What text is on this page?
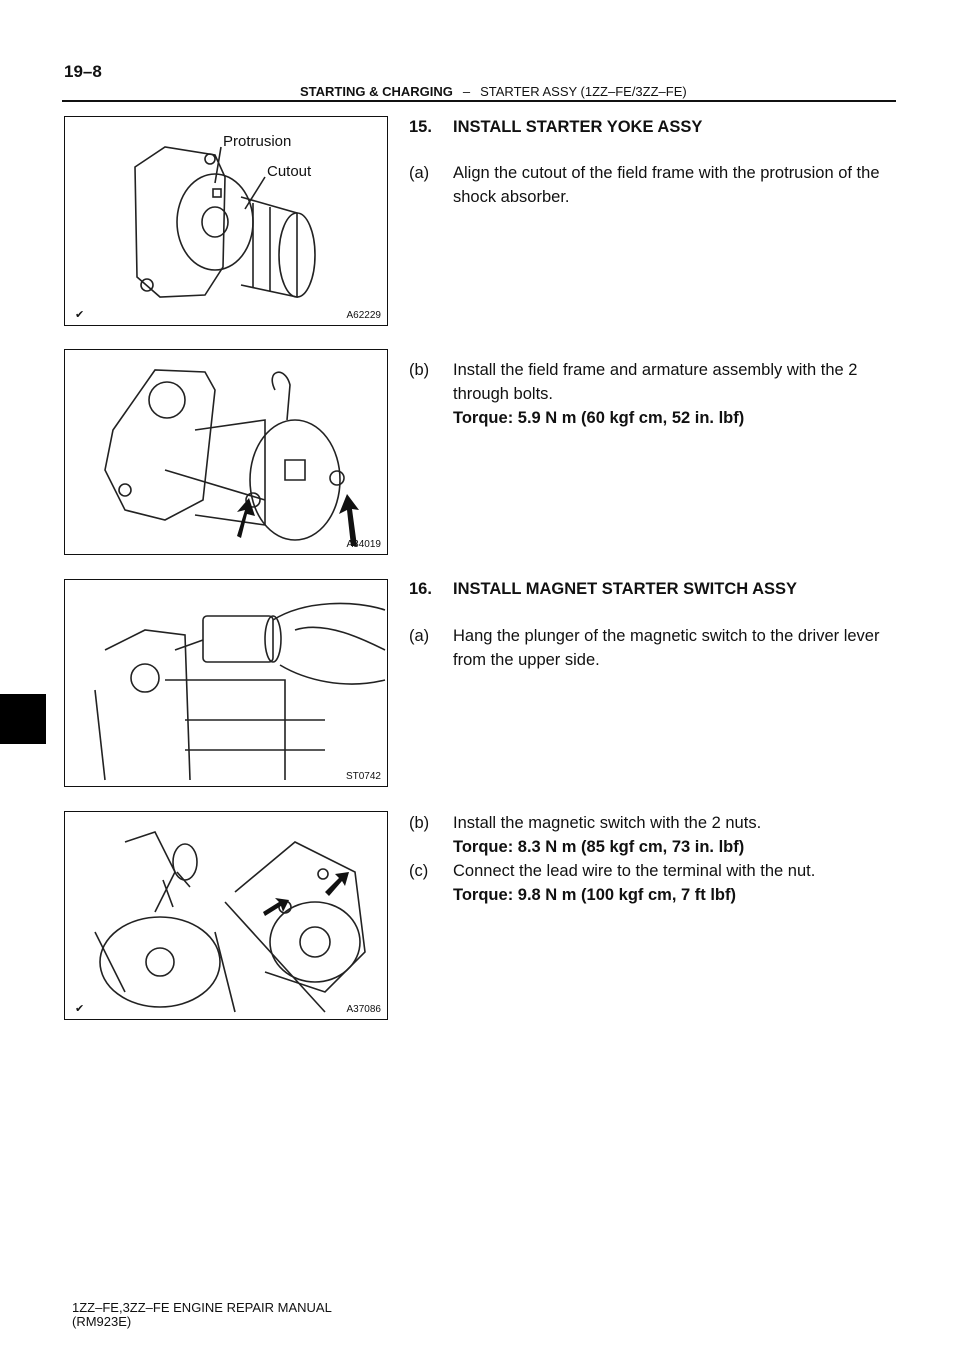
19–8
STARTING & CHARGING – STARTER ASSY (1ZZ–FE/3ZZ–FE)
Protrusion
Cutout
✔	A62229
A34019
ST0742
✔	A37086
15. INSTALL STARTER YOKE ASSY
(a) Align the cutout of the field frame with the protrusion of the shock absorber.
(b) Install the field frame and armature assembly with the 2 through bolts.
Torque: 5.9 N m (60 kgf cm, 52 in. lbf)
16. INSTALL MAGNET STARTER SWITCH ASSY
(a) Hang the plunger of the magnetic switch to the driver lever from the upper side.
(b) Install the magnetic switch with the 2 nuts.
Torque: 8.3 N m (85 kgf cm, 73 in. lbf)
(c) Connect the lead wire to the terminal with the nut.
Torque: 9.8 N m (100 kgf cm, 7 ft lbf)
1ZZ–FE,3ZZ–FE ENGINE REPAIR MANUAL
(RM923E)
